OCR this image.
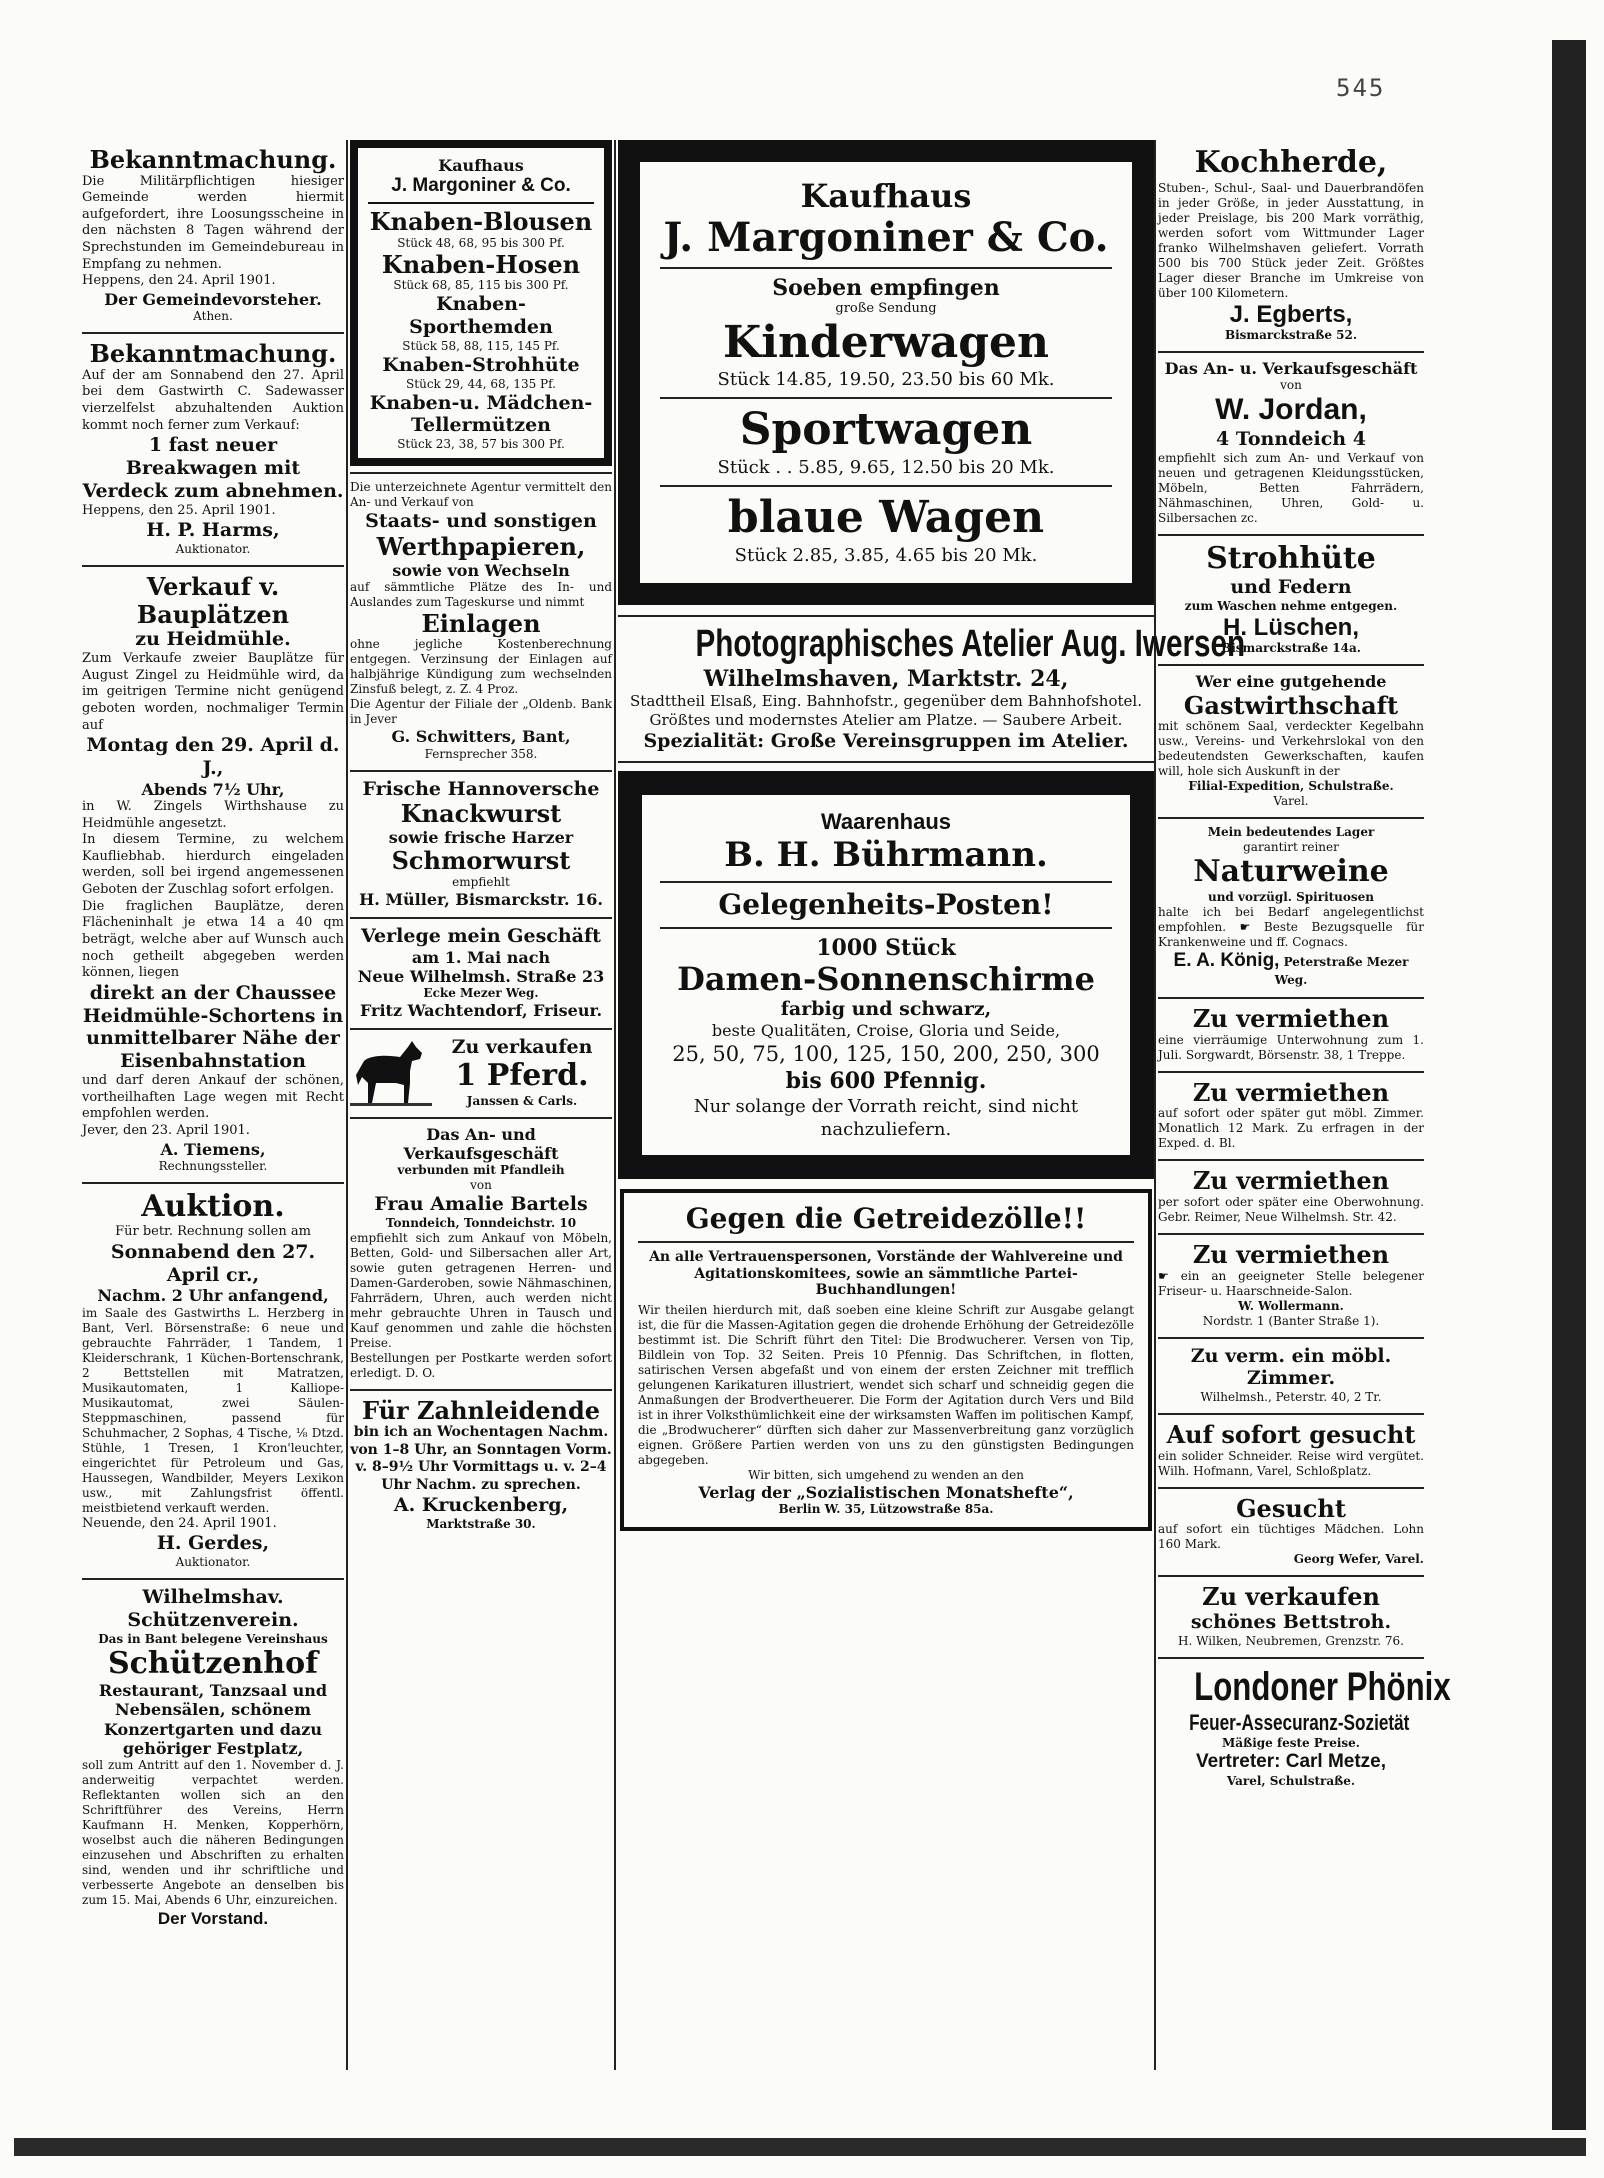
545
Bekanntmachung.
Die Militärpflichtigen hiesiger Gemeinde werden hiermit aufgefordert, ihre Loosungsscheine in den nächsten 8 Tagen während der Sprechstunden im Gemeindebureau in Empfang zu nehmen.
Heppens, den 24. April 1901.
Der Gemeindevorsteher.
Athen.
Bekanntmachung.
Auf der am Sonnabend den 27. April bei dem Gastwirth C. Sadewasser vierzelfelst abzuhaltenden Auktion kommt noch ferner zum Verkauf:
1 fast neuer Breakwagen mit Verdeck zum abnehmen.
Heppens, den 25. April 1901.
H. P. Harms,
Auktionator.
Verkauf v. Bauplätzen
zu Heidmühle.
Zum Verkaufe zweier Bauplätze für August Zingel zu Heidmühle wird, da im geitrigen Termine nicht genügend geboten worden, nochmaliger Termin auf
Montag den 29. April d. J.,
Abends 7½ Uhr,
in W. Zingels Wirthshause zu Heidmühle angesetzt.
In diesem Termine, zu welchem Kaufliebhab. hierdurch eingeladen werden, soll bei irgend angemessenen Geboten der Zuschlag sofort erfolgen.
Die fraglichen Bauplätze, deren Flächeninhalt je etwa 14 a 40 qm beträgt, welche aber auf Wunsch auch noch getheilt abgegeben werden können, liegen
direkt an der Chaussee Heidmühle-Schortens in unmittelbarer Nähe der Eisenbahnstation
und darf deren Ankauf der schönen, vortheilhaften Lage wegen mit Recht empfohlen werden.
Jever, den 23. April 1901.
A. Tiemens,
Rechnungssteller.
Auktion.
Für betr. Rechnung sollen am
Sonnabend den 27. April cr.,
Nachm. 2 Uhr anfangend,
im Saale des Gastwirths L. Herzberg in Bant, Verl. Börsenstraße: 6 neue und gebrauchte Fahrräder, 1 Tandem, 1 Kleiderschrank, 1 Küchen-Bortenschrank, 2 Bettstellen mit Matratzen, Musikautomaten, 1 Kalliope-Musikautomat, zwei Säulen-Steppmaschinen, passend für Schuhmacher, 2 Sophas, 4 Tische, ⅛ Dtzd. Stühle, 1 Tresen, 1 Kron'leuchter, eingerichtet für Petroleum und Gas, Haussegen, Wandbilder, Meyers Lexikon usw., mit Zahlungsfrist öffentl. meistbietend verkauft werden.
Neuende, den 24. April 1901.
H. Gerdes,
Auktionator.
Wilhelmshav. Schützenverein.
Das in Bant belegene Vereinshaus
Schützenhof
Restaurant, Tanzsaal und Nebensälen, schönem Konzertgarten und dazu gehöriger Festplatz,
soll zum Antritt auf den 1. November d. J. anderweitig verpachtet werden. Reflektanten wollen sich an den Schriftführer des Vereins, Herrn Kaufmann H. Menken, Kopperhörn, woselbst auch die näheren Bedingungen einzusehen und Abschriften zu erhalten sind, wenden und ihr schriftliche und verbesserte Angebote an denselben bis zum 15. Mai, Abends 6 Uhr, einzureichen.
Der Vorstand.
Kaufhaus
J. Margoniner & Co.
Knaben-Blousen
Stück 48, 68, 95 bis 300 Pf.
Knaben-Hosen
Stück 68, 85, 115 bis 300 Pf.
Knaben-Sporthemden
Stück 58, 88, 115, 145 Pf.
Knaben-Strohhüte
Stück 29, 44, 68, 135 Pf.
Knaben-u. Mädchen-Tellermützen
Stück 23, 38, 57 bis 300 Pf.
Die unterzeichnete Agentur vermittelt den An- und Verkauf von
Staats- und sonstigen
Werthpapieren,
sowie von Wechseln
auf sämmtliche Plätze des In- und Auslandes zum Tageskurse und nimmt
Einlagen
ohne jegliche Kostenberechnung entgegen. Verzinsung der Einlagen auf halbjährige Kündigung zum wechselnden Zinsfuß belegt, z. Z. 4 Proz.
Die Agentur der Filiale der „Oldenb. Bank in Jever
G. Schwitters, Bant,
Fernsprecher 358.
Frische Hannoversche
Knackwurst
sowie frische Harzer
Schmorwurst
empfiehlt
H. Müller, Bismarckstr. 16.
Verlege mein Geschäft
am 1. Mai nach
Neue Wilhelmsh. Straße 23
Ecke Mezer Weg.
Fritz Wachtendorf, Friseur.
Zu verkaufen
1 Pferd.
Janssen & Carls.
Das An- und Verkaufsgeschäft
verbunden mit Pfandleih
von
Frau Amalie Bartels
Tonndeich, Tonndeichstr. 10
empfiehlt sich zum Ankauf von Möbeln, Betten, Gold- und Silbersachen aller Art, sowie guten getragenen Herren- und Damen-Garderoben, sowie Nähmaschinen, Fahrrädern, Uhren, auch werden nicht mehr gebrauchte Uhren in Tausch und Kauf genommen und zahle die höchsten Preise.
Bestellungen per Postkarte werden sofort erledigt. D. O.
Für Zahnleidende
bin ich an Wochentagen Nachm. von 1–8 Uhr, an Sonntagen Vorm. v. 8–9½ Uhr Vormittags u. v. 2–4 Uhr Nachm. zu sprechen.
A. Kruckenberg,
Marktstraße 30.
Kaufhaus
J. Margoniner & Co.
Soeben empfingen
große Sendung
Kinderwagen
Stück 14.85, 19.50, 23.50 bis 60 Mk.
Sportwagen
Stück . . 5.85, 9.65, 12.50 bis 20 Mk.
blaue Wagen
Stück 2.85, 3.85, 4.65 bis 20 Mk.
Photographisches Atelier Aug. Iwersen
Wilhelmshaven, Marktstr. 24,
Stadttheil Elsaß, Eing. Bahnhofstr., gegenüber dem Bahnhofshotel.
Größtes und modernstes Atelier am Platze. — Saubere Arbeit.
Spezialität: Große Vereinsgruppen im Atelier.
Waarenhaus
B. H. Bührmann.
Gelegenheits-Posten!
1000 Stück
Damen-Sonnenschirme
farbig und schwarz,
beste Qualitäten, Croise, Gloria und Seide,
25, 50, 75, 100, 125, 150, 200, 250, 300
bis 600 Pfennig.
Nur solange der Vorrath reicht, sind nicht nachzuliefern.
Gegen die Getreidezölle!!
An alle Vertrauenspersonen, Vorstände der Wahlvereine und Agitationskomitees, sowie an sämmtliche Partei-Buchhandlungen!
Wir theilen hierdurch mit, daß soeben eine kleine Schrift zur Ausgabe gelangt ist, die für die Massen-Agitation gegen die drohende Erhöhung der Getreidezölle bestimmt ist. Die Schrift führt den Titel: Die Brodwucherer. Versen von Tip, Bildlein von Top. 32 Seiten. Preis 10 Pfennig. Das Schriftchen, in flotten, satirischen Versen abgefaßt und von einem der ersten Zeichner mit trefflich gelungenen Karikaturen illustriert, wendet sich scharf und schneidig gegen die Anmaßungen der Brodvertheuerer. Die Form der Agitation durch Vers und Bild ist in ihrer Volksthümlichkeit eine der wirksamsten Waffen im politischen Kampf, die „Brodwucherer“ dürften sich daher zur Massenverbreitung ganz vorzüglich eignen. Größere Partien werden von uns zu den günstigsten Bedingungen abgegeben.
Wir bitten, sich umgehend zu wenden an den
Verlag der „Sozialistischen Monatshefte“,
Berlin W. 35, Lützowstraße 85a.
Kochherde,
Stuben-, Schul-, Saal- und Dauerbrandöfen in jeder Größe, in jeder Ausstattung, in jeder Preislage, bis 200 Mark vorräthig, werden sofort vom Wittmunder Lager franko Wilhelmshaven geliefert. Vorrath 500 bis 700 Stück jeder Zeit. Größtes Lager dieser Branche im Umkreise von über 100 Kilometern.
J. Egberts,
Bismarckstraße 52.
Das An- u. Verkaufsgeschäft
von
W. Jordan,
4 Tonndeich 4
empfiehlt sich zum An- und Verkauf von neuen und getragenen Kleidungsstücken, Möbeln, Betten Fahrrädern, Nähmaschinen, Uhren, Gold- u. Silbersachen zc.
Strohhüte
und Federn
zum Waschen nehme entgegen.
H. Lüschen,
Bismarckstraße 14a.
Wer eine gutgehende
Gastwirthschaft
mit schönem Saal, verdeckter Kegelbahn usw., Vereins- und Verkehrslokal von den bedeutendsten Gewerkschaften, kaufen will, hole sich Auskunft in der
Filial-Expedition, Schulstraße.
Varel.
Mein bedeutendes Lager
garantirt reiner
Naturweine
und vorzügl. Spirituosen
halte ich bei Bedarf angelegentlichst empfohlen. ☛ Beste Bezugsquelle für Krankenweine und ff. Cognacs.
E. A. König, Peterstraße Mezer Weg.
Zu vermiethen
eine vierräumige Unterwohnung zum 1. Juli. Sorgwardt, Börsenstr. 38, 1 Treppe.
Zu vermiethen
auf sofort oder später gut möbl. Zimmer. Monatlich 12 Mark. Zu erfragen in der Exped. d. Bl.
Zu vermiethen
per sofort oder später eine Oberwohnung. Gebr. Reimer, Neue Wilhelmsh. Str. 42.
Zu vermiethen
☛ ein an geeigneter Stelle belegener Friseur- u. Haarschneide-Salon.
W. Wollermann.
Nordstr. 1 (Banter Straße 1).
Zu verm. ein möbl. Zimmer.
Wilhelmsh., Peterstr. 40, 2 Tr.
Auf sofort gesucht
ein solider Schneider. Reise wird vergütet. Wilh. Hofmann, Varel, Schloßplatz.
Gesucht
auf sofort ein tüchtiges Mädchen. Lohn 160 Mark.
Georg Wefer, Varel.
Zu verkaufen
schönes Bettstroh.
H. Wilken, Neubremen, Grenzstr. 76.
Londoner Phönix
Feuer-Assecuranz-Sozietät
Mäßige feste Preise.
Vertreter: Carl Metze,
Varel, Schulstraße.
